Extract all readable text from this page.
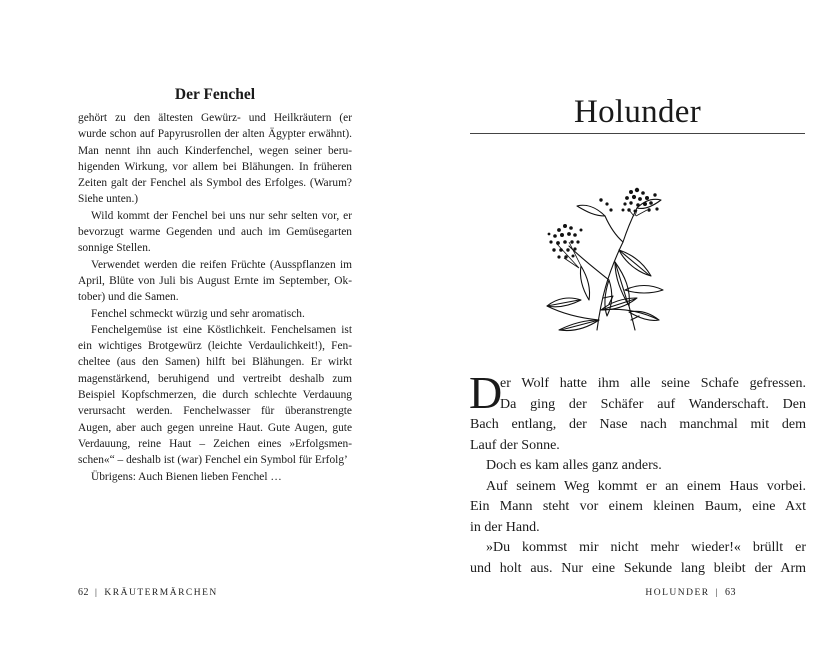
Der Fenchel
gehört zu den ältesten Gewürz- und Heilkräutern (er
wurde schon auf Papyrusrollen der alten Ägypter erwähnt).
Man nennt ihn auch Kinderfenchel, wegen seiner beru-
higenden Wirkung, vor allem bei Blähungen. In früheren
Zeiten galt der Fenchel als Symbol des Erfolges. (Warum?
Siehe unten.)
Wild kommt der Fenchel bei uns nur sehr selten vor, er
bevorzugt warme Gegenden und auch im Gemüsegarten
sonnige Stellen.
Verwendet werden die reifen Früchte (Ausspflanzen im
April, Blüte von Juli bis August Ernte im September, Ok-
tober) und die Samen.
Fenchel schmeckt würzig und sehr aromatisch.
Fenchelgemüse ist eine Köstlichkeit. Fenchelsamen ist
ein wichtiges Brotgewürz (leichte Verdaulichkeit!), Fen-
cheltee (aus den Samen) hilft bei Blähungen. Er wirkt
magenstärkend, beruhigend und vertreibt deshalb zum
Beispiel Kopfschmerzen, die durch schlechte Verdauung
verursacht werden. Fenchelwasser für überanstrengte
Augen, aber auch gegen unreine Haut. Gute Augen, gute
Verdauung, reine Haut – Zeichen eines »Erfolgsmen-
schen«“ – deshalb ist (war) Fenchel ein Symbol für Erfolg’
Übrigens: Auch Bienen lieben Fenchel …
62 | KRÄUTERMÄRCHEN
Holunder
D
er Wolf hatte ihm alle seine Schafe gefressen.
Da ging der Schäfer auf Wanderschaft. Den
Bach entlang, der Nase nach manchmal mit dem
Lauf der Sonne.
Doch es kam alles ganz anders.
Auf seinem Weg kommt er an einem Haus vorbei.
Ein Mann steht vor einem kleinen Baum, eine Axt
in der Hand.
»Du kommst mir nicht mehr wieder!« brüllt er
und holt aus. Nur eine Sekunde lang bleibt der Arm
HOLUNDER | 63
